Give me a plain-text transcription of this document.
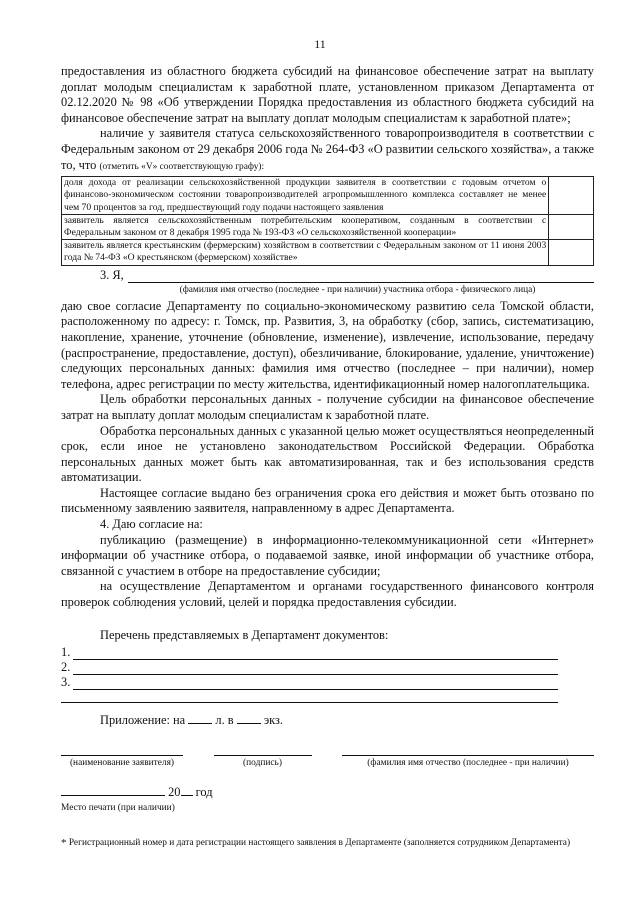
11

предоставления из областного бюджета субсидий на финансовое обеспечение затрат на выплату доплат молодым специалистам к заработной плате, установленном приказом Департамента от 02.12.2020 № 98 «Об утверждении Порядка предоставления из областного бюджета субсидий на финансовое обеспечение затрат на выплату доплат молодым специалистам к заработной плате»;

наличие у заявителя статуса сельскохозяйственного товаропроизводителя в соответствии с Федеральным законом от 29 декабря 2006 года № 264-ФЗ «О развитии сельского хозяйства», а также то, что (отметить «V» соответствующую графу):

доля дохода от реализации сельскохозяйственной продукции заявителя в соответствии с годовым отчетом о финансово-экономическом состоянии товаропроизводителей агропромышленного комплекса составляет не менее чем 70 процентов за год, предшествующий году подачи настоящего заявления	
заявитель является сельскохозяйственным потребительским кооперативом, созданным в соответствии с Федеральным законом от 8 декабря 1995 года № 193-ФЗ «О сельскохозяйственной кооперации»	
заявитель является крестьянским (фермерским) хозяйством в соответствии с Федеральным законом от 11 июня 2003 года № 74-ФЗ «О крестьянском (фермерском) хозяйстве»	
3. Я,
(фамилия имя отчество (последнее - при наличии) участника отбора - физического лица)

даю свое согласие Департаменту по социально-экономическому развитию села Томской области, расположенному по адресу: г. Томск, пр. Развития, 3, на обработку (сбор, запись, систематизацию, накопление, хранение, уточнение (обновление, изменение), извлечение, использование, передачу (распространение, предоставление, доступ), обезличивание, блокирование, удаление, уничтожение) следующих персональных данных: фамилия имя отчество (последнее – при наличии), номер телефона, адрес регистрации по месту жительства, идентификационный номер налогоплательщика.

Цель обработки персональных данных - получение субсидии на финансовое обеспечение затрат на выплату доплат молодым специалистам к заработной плате.

Обработка персональных данных с указанной целью может осуществляться неопределенный срок, если иное не установлено законодательством Российской Федерации. Обработка персональных данных может быть как автоматизированная, так и без использования средств автоматизации.

Настоящее согласие выдано без ограничения срока его действия и может быть отозвано по письменному заявлению заявителя, направленному в адрес Департамента.

4. Даю согласие на:

публикацию (размещение) в информационно-телекоммуникационной сети «Интернет» информации об участнике отбора, о подаваемой заявке, иной информации об участнике отбора, связанной с участием в отборе на предоставление субсидии;

на осуществление Департаментом и органами государственного финансового контроля проверок соблюдения условий, целей и порядка предоставления субсидии.

Перечень представляемых в Департамент документов:

1.
2.
3.
Приложение: на л. в экз.
(наименование заявителя)	(подпись)	(фамилия имя отчество (последнее - при наличии)
20 год
Место печати (при наличии)
* Регистрационный номер и дата регистрации настоящего заявления в Департаменте (заполняется сотрудником Департамента)
